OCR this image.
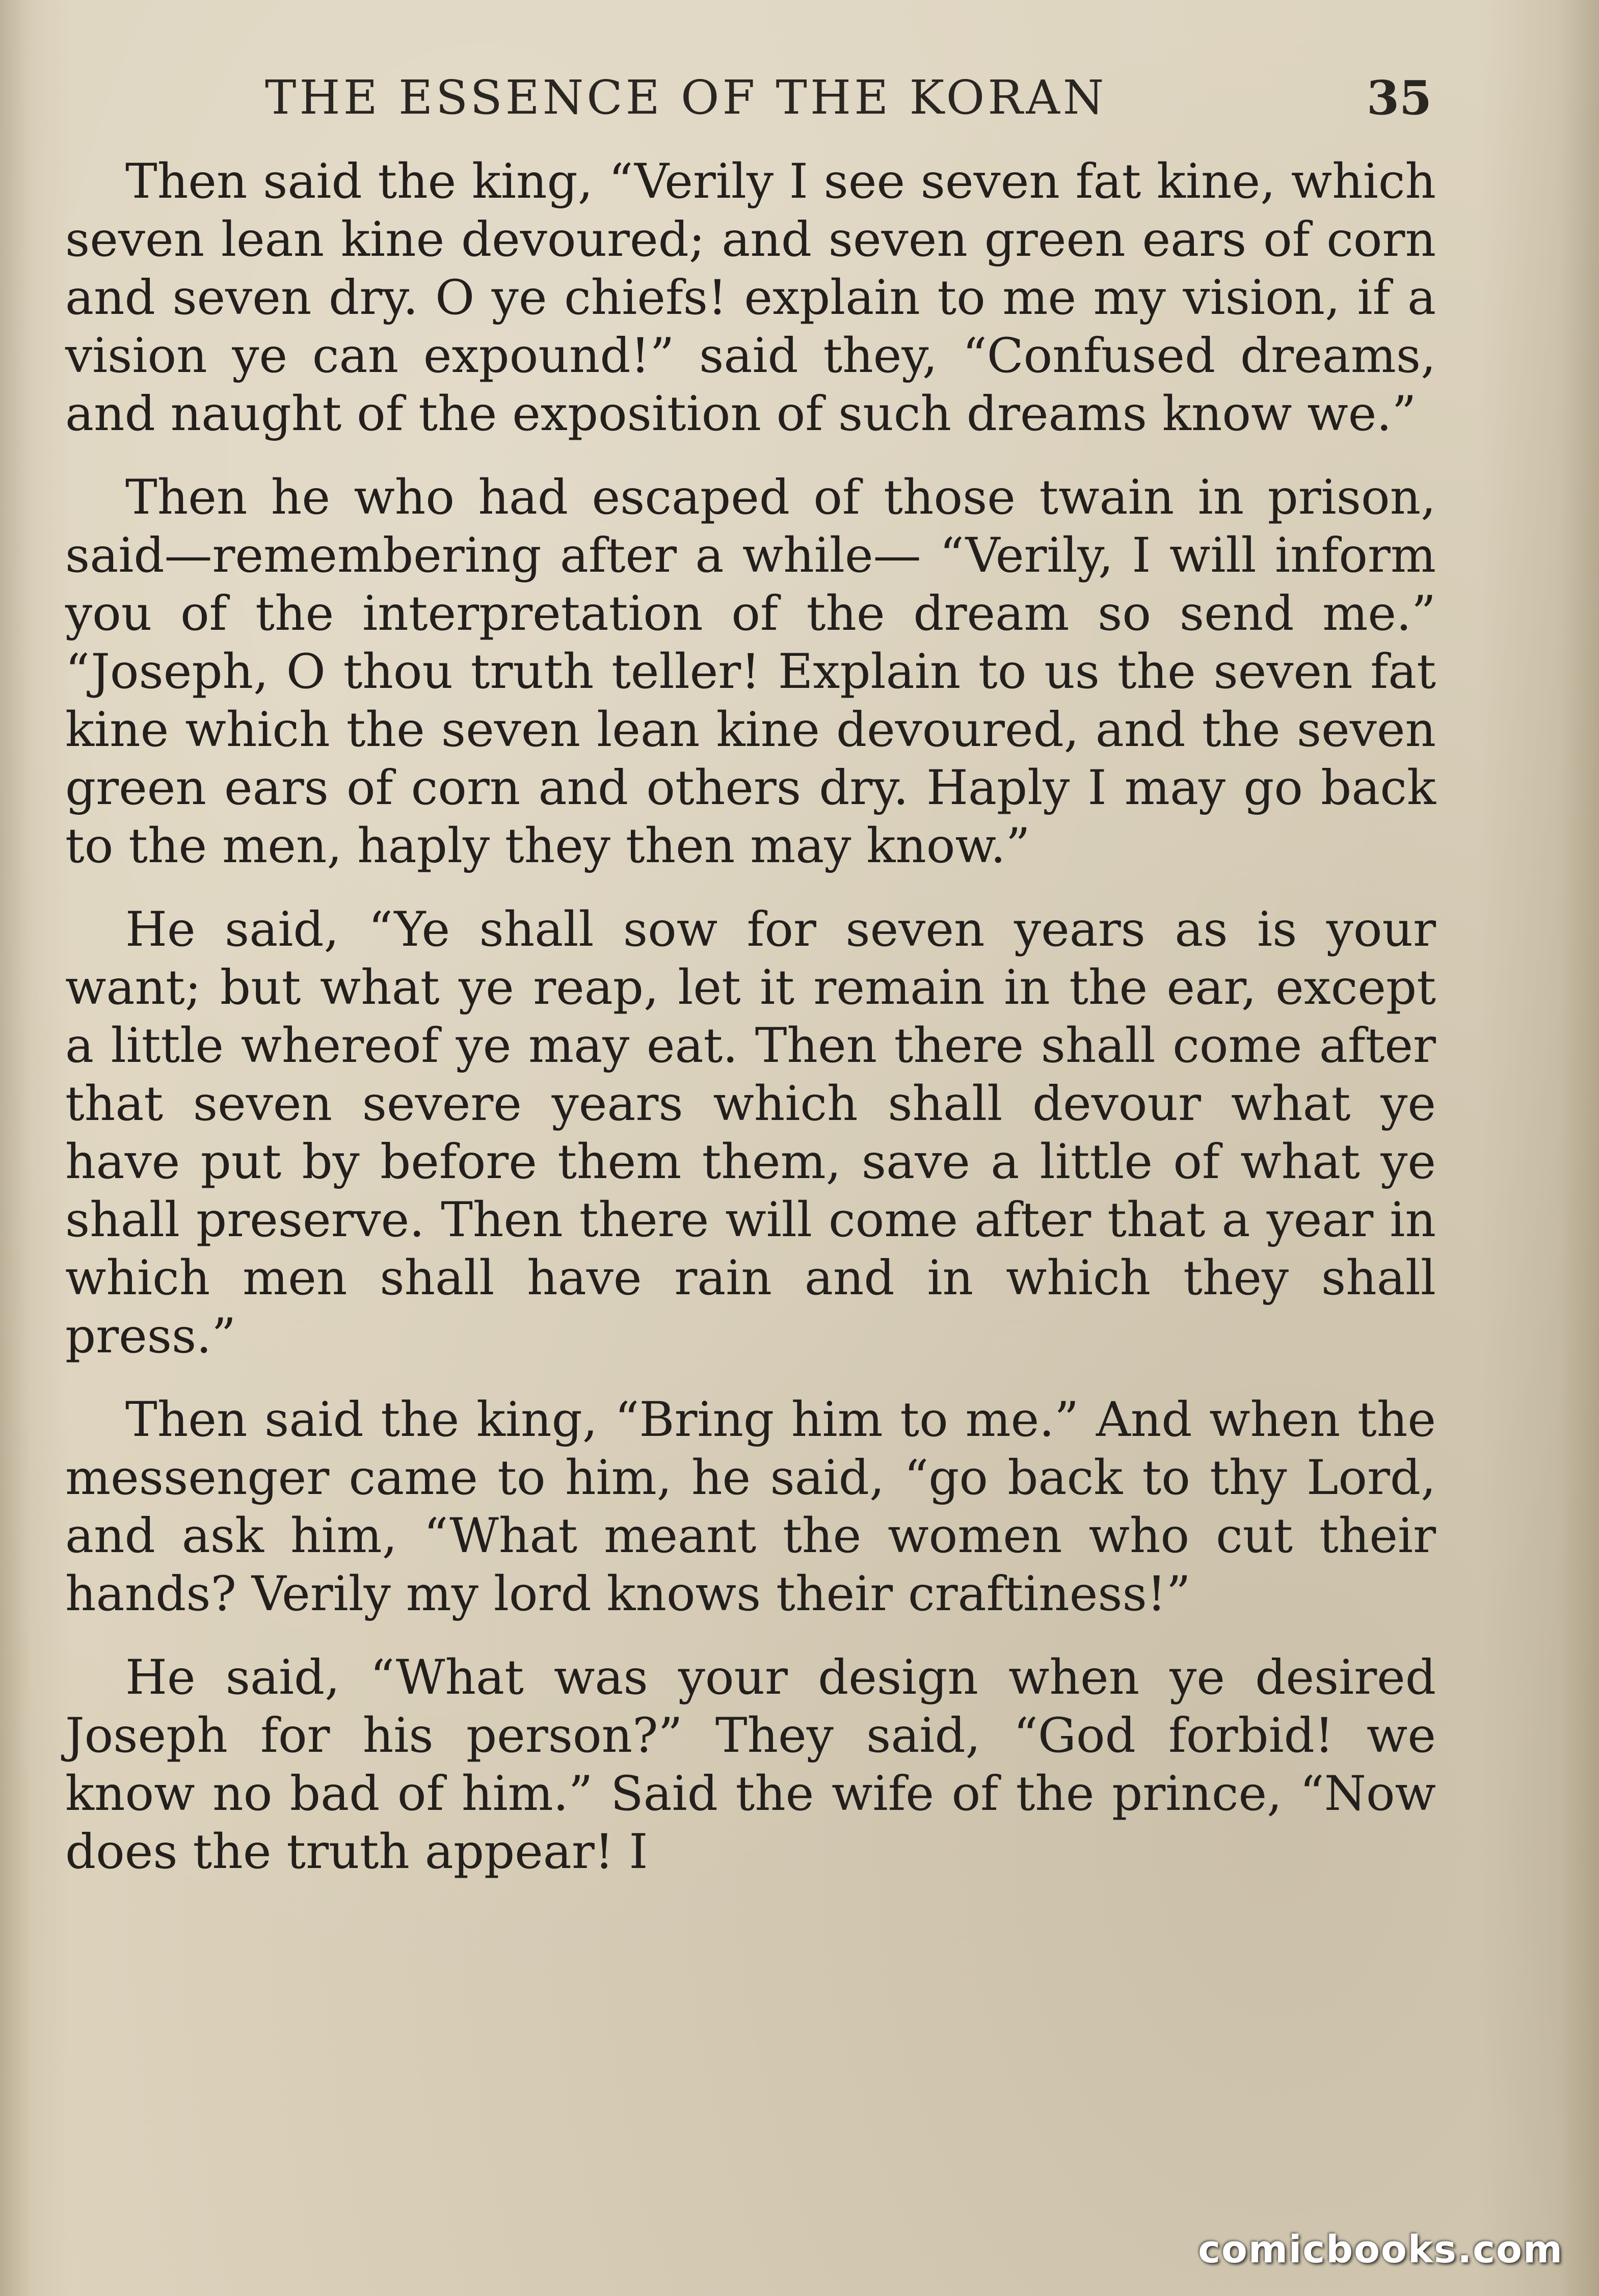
THE ESSENCE OF THE KORAN	35

Then said the king, “Verily I see seven fat kine, which seven lean kine devoured; and seven green ears of corn and seven dry. O ye chiefs! explain to me my vision, if a vision ye can expound!” said they, “Confused dreams, and naught of the exposition of such dreams know we.”

Then he who had escaped of those twain in prison, said—remembering after a while— “Verily, I will inform you of the interpretation of the dream so send me.” “Joseph, O thou truth teller! Explain to us the seven fat kine which the seven lean kine devoured, and the seven green ears of corn and others dry. Haply I may go back to the men, haply they then may know.”

He said, “Ye shall sow for seven years as is your want; but what ye reap, let it remain in the ear, except a little whereof ye may eat. Then there shall come after that seven severe years which shall devour what ye have put by before them them, save a little of what ye shall preserve. Then there will come after that a year in which men shall have rain and in which they shall press.”

Then said the king, “Bring him to me.” And when the messenger came to him, he said, “go back to thy Lord, and ask him, “What meant the women who cut their hands? Verily my lord knows their craftiness!”

He said, “What was your design when ye desired Joseph for his person?” They said, “God forbid! we know no bad of him.” Said the wife of the prince, “Now does the truth appear! I

comicbooks.com
